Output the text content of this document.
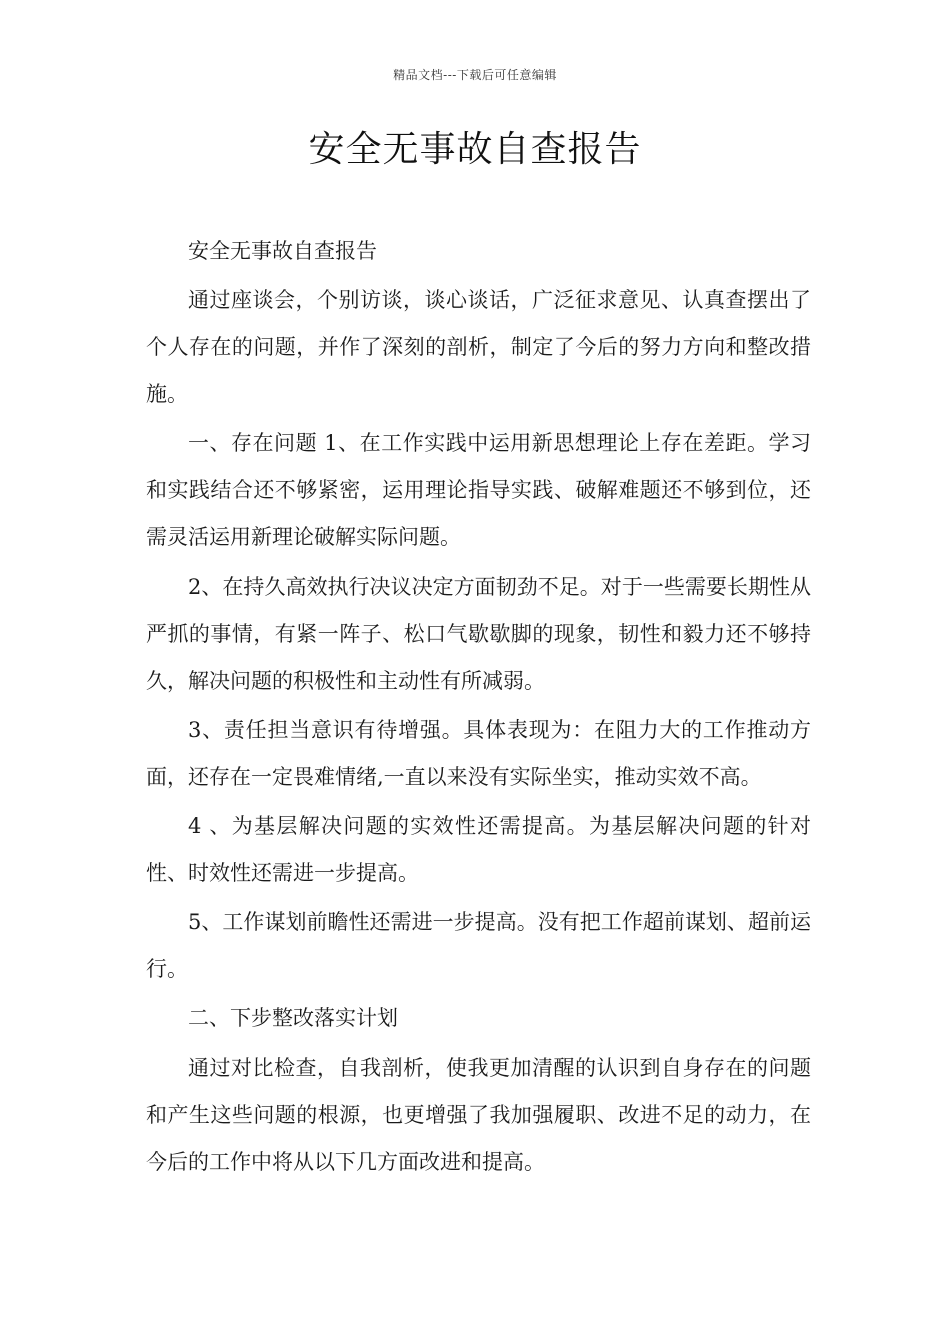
精品文档---下载后可任意编辑
安全无事故自查报告

安全无事故自查报告

通过座谈会，个别访谈，谈心谈话，广泛征求意见、认真查摆出了个人存在的问题，并作了深刻的剖析，制定了今后的努力方向和整改措施。

一、存在问题 1、在工作实践中运用新思想理论上存在差距。学习和实践结合还不够紧密，运用理论指导实践、破解难题还不够到位，还需灵活运用新理论破解实际问题。

2、在持久高效执行决议决定方面韧劲不足。对于一些需要长期性从严抓的事情，有紧一阵子、松口气歇歇脚的现象，韧性和毅力还不够持久，解决问题的积极性和主动性有所减弱。

3、责任担当意识有待增强。具体表现为：在阻力大的工作推动方面，还存在一定畏难情绪,一直以来没有实际坐实，推动实效不高。

4 、为基层解决问题的实效性还需提高。为基层解决问题的针对性、时效性还需进一步提高。

5、工作谋划前瞻性还需进一步提高。没有把工作超前谋划、超前运行。

二、下步整改落实计划

通过对比检查，自我剖析，使我更加清醒的认识到自身存在的问题和产生这些问题的根源，也更增强了我加强履职、改进不足的动力，在今后的工作中将从以下几方面改进和提高。
